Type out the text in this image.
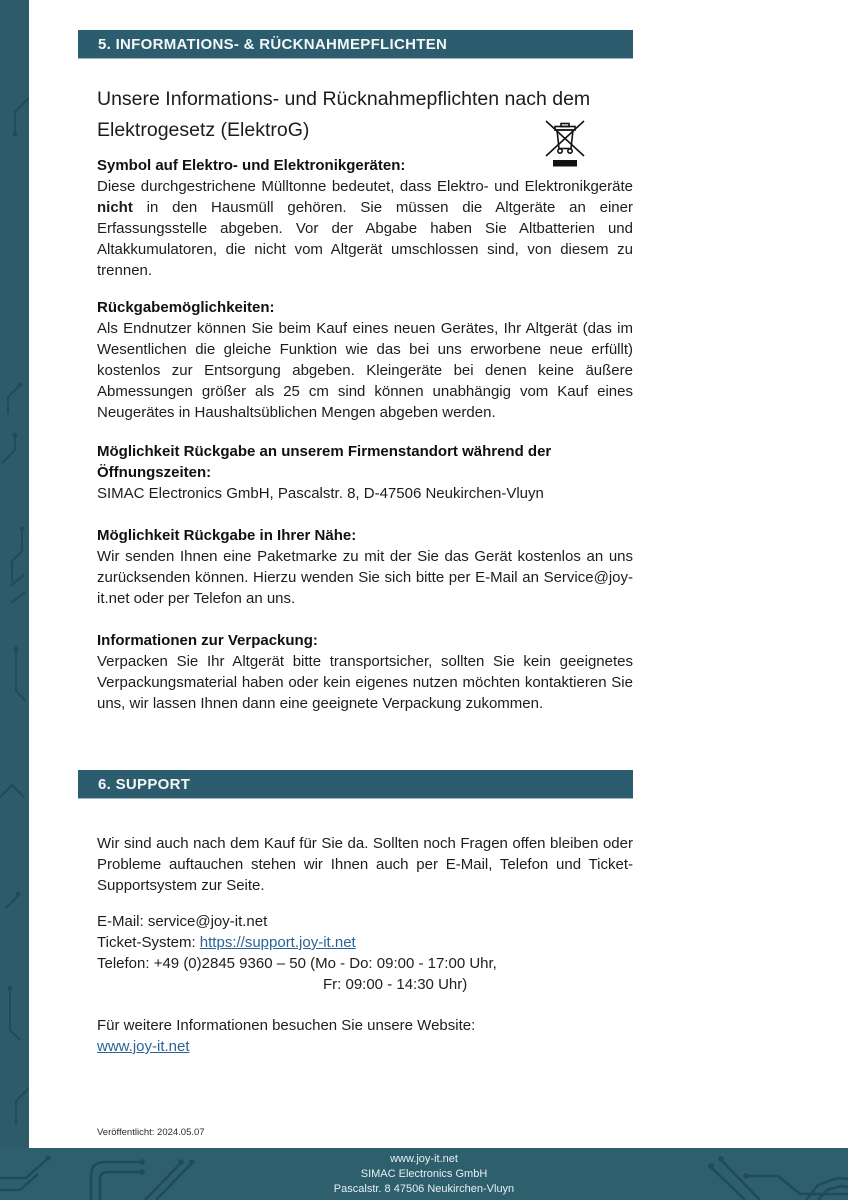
5. INFORMATIONS- & RÜCKNAHMEPFLICHTEN
Unsere Informations- und Rücknahmepflichten nach dem Elektrogesetz (ElektroG)
Symbol auf Elektro- und Elektronikgeräten:

Diese durchgestrichene Mülltonne bedeutet, dass Elektro- und Elektronikgeräte nicht in den Hausmüll gehören. Sie müssen die Altgeräte an einer Erfassungsstelle abgeben. Vor der Abgabe haben Sie Altbatterien und Altakkumulatoren, die nicht vom Altgerät umschlossen sind, von diesem zu trennen.

Rückgabemöglichkeiten:

Als Endnutzer können Sie beim Kauf eines neuen Gerätes, Ihr Altgerät (das im Wesentlichen die gleiche Funktion wie das bei uns erworbene neue erfüllt) kostenlos zur Entsorgung abgeben. Kleingeräte bei denen keine äußere Abmessungen größer als 25 cm sind können unabhängig vom Kauf eines Neugerätes in Haushaltsüblichen Mengen abgeben werden.

Möglichkeit Rückgabe an unserem Firmenstandort während der Öffnungszeiten:

SIMAC Electronics GmbH, Pascalstr. 8, D-47506 Neukirchen-Vluyn

Möglichkeit Rückgabe in Ihrer Nähe:

Wir senden Ihnen eine Paketmarke zu mit der Sie das Gerät kostenlos an uns zurücksenden können. Hierzu wenden Sie sich bitte per E-Mail an Service@​joy-it.net oder per Telefon an uns.

Informationen zur Verpackung:

Verpacken Sie Ihr Altgerät bitte transportsicher, sollten Sie kein geeignetes Verpackungsmaterial haben oder kein eigenes nutzen möchten kontaktieren Sie uns, wir lassen Ihnen dann eine geeignete Verpackung zukommen.

6. SUPPORT

Wir sind auch nach dem Kauf für Sie da. Sollten noch Fragen offen bleiben oder Probleme auftauchen stehen wir Ihnen auch per E-Mail, Telefon und Ticket-Supportsystem zur Seite.

E-Mail: service@joy-it.net
Ticket-System: https://support.joy-it.net
Telefon: +49 (0)2845 9360 – 50 (Mo - Do: 09:00 - 17:00 Uhr,
Fr: 09:00 - 14:30 Uhr)
Für weitere Informationen besuchen Sie unsere Website:
www.joy-it.net
Veröffentlicht: 2024.05.07
www.joy-it.net
SIMAC Electronics GmbH
Pascalstr. 8 47506 Neukirchen-Vluyn
